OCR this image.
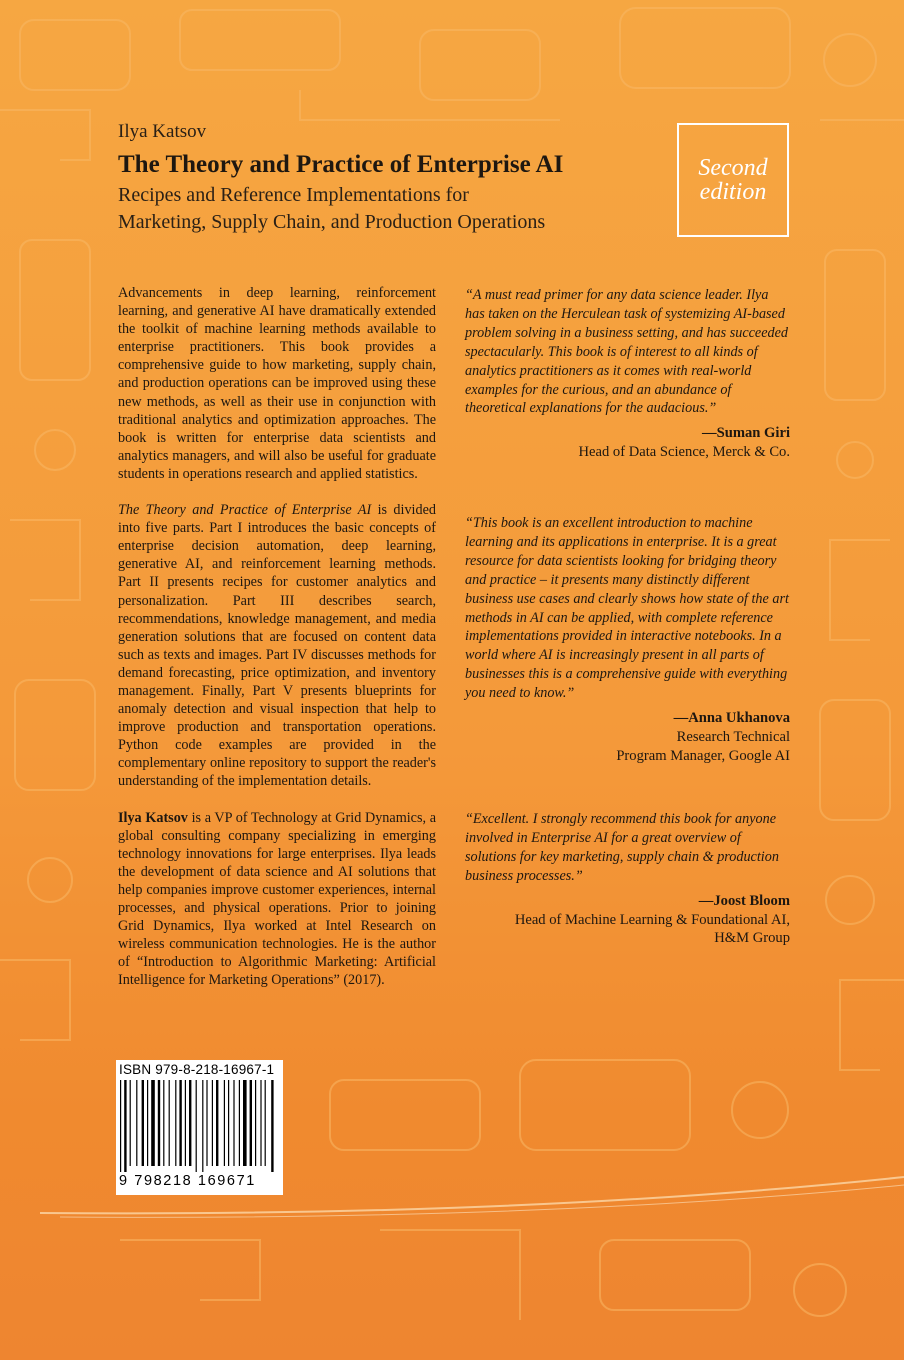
Ilya Katsov
The Theory and Practice of Enterprise AI
Recipes and Reference Implementations for
Marketing, Supply Chain, and Production Operations
Second
edition

Advancements in deep learning, reinforcement learning, and generative AI have dramatically extended the toolkit of machine learning methods available to enterprise practitioners. This book provides a comprehensive guide to how marketing, supply chain, and production operations can be improved using these new methods, as well as their use in conjunction with traditional analytics and optimization approaches. The book is written for enterprise data scientists and analytics managers, and will also be useful for graduate students in operations research and applied statistics.

The Theory and Practice of Enterprise AI is divided into five parts. Part I introduces the basic concepts of enterprise decision automation, deep learning, generative AI, and reinforcement learning methods. Part II presents recipes for customer analytics and personalization. Part III describes search, recommendations, knowledge management, and media generation solutions that are focused on content data such as texts and images. Part IV discusses methods for demand forecasting, price optimization, and inventory management. Finally, Part V presents blueprints for anomaly detection and visual inspection that help to improve production and transportation operations. Python code examples are provided in the complementary online repository to support the reader's understanding of the implementation details.

Ilya Katsov is a VP of Technology at Grid Dynamics, a global consulting company specializing in emerging technology innovations for large enterprises. Ilya leads the development of data science and AI solutions that help companies improve customer experiences, internal processes, and physical operations. Prior to joining Grid Dynamics, Ilya worked at Intel Research on wireless communication technologies. He is the author of “Introduction to Algorithmic Marketing: Artificial Intelligence for Marketing Operations” (2017).

“A must read primer for any data science leader. Ilya has taken on the Herculean task of systemizing AI-based problem solving in a business setting, and has succeeded spectacularly. This book is of interest to all kinds of analytics practitioners as it comes with real-world examples for the curious, and an abundance of theoretical explanations for the audacious.”

—Suman Giri
Head of Data Science, Merck & Co.

“This book is an excellent introduction to machine learning and its applications in enterprise. It is a great resource for data scientists looking for bridging theory and practice – it presents many distinctly different business use cases and clearly shows how state of the art methods in AI can be applied, with complete reference implementations provided in interactive notebooks. In a world where AI is increasingly present in all parts of businesses this is a comprehensive guide with everything you need to know.”

—Anna Ukhanova
Research Technical
Program Manager, Google AI

“Excellent. I strongly recommend this book for anyone involved in Enterprise AI for a great overview of solutions for key marketing, supply chain & production business processes.”

—Joost Bloom
Head of Machine Learning & Foundational AI,
H&M Group

ISBN 979-8-218-16967-1
9 798218 169671
